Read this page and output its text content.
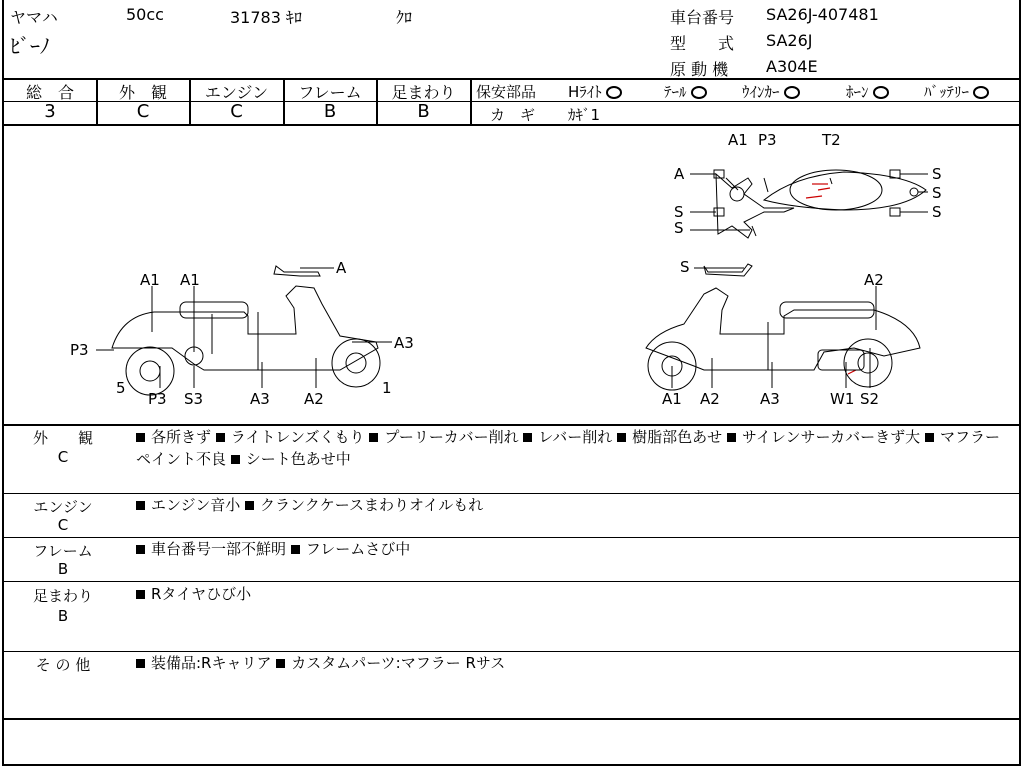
ヤマハ	50cc	31783 ｷﾛ	ｸﾛ
ﾋﾞｰﾉ
車台番号 SA26J-407481
型　　式 SA26J
原 動 機 A304E
総　合	外　観	エンジン	フレーム	足まわり
3	C	C	B	B
保安部品 Hﾗｲﾄ	ﾃｰﾙ	ｳｲﾝｶｰ	ﾎｰﾝ	ﾊﾞｯﾃﾘｰ
カ　ギ ｶｷﾞ1
A1 P3	T2
A
S
S
S
S
S
A1 A1
A
P3	A3
5	1
P3 S3	A3 A2
S
A2
A1 A2	A3	W1 S2
外　　観
C
各所きず ライトレンズくもり プーリーカバー削れ レバー削れ 樹脂部色あせ サイレンサーカバーきず大 マフラーペイント不良 シート色あせ中
エンジン
C
エンジン音小 クランクケースまわりオイルもれ
フレーム
B
車台番号一部不鮮明 フレームさび中
足まわり
B
Rタイヤひび小
そ の 他	装備品:Rキャリア カスタムパーツ:マフラー Rサス
